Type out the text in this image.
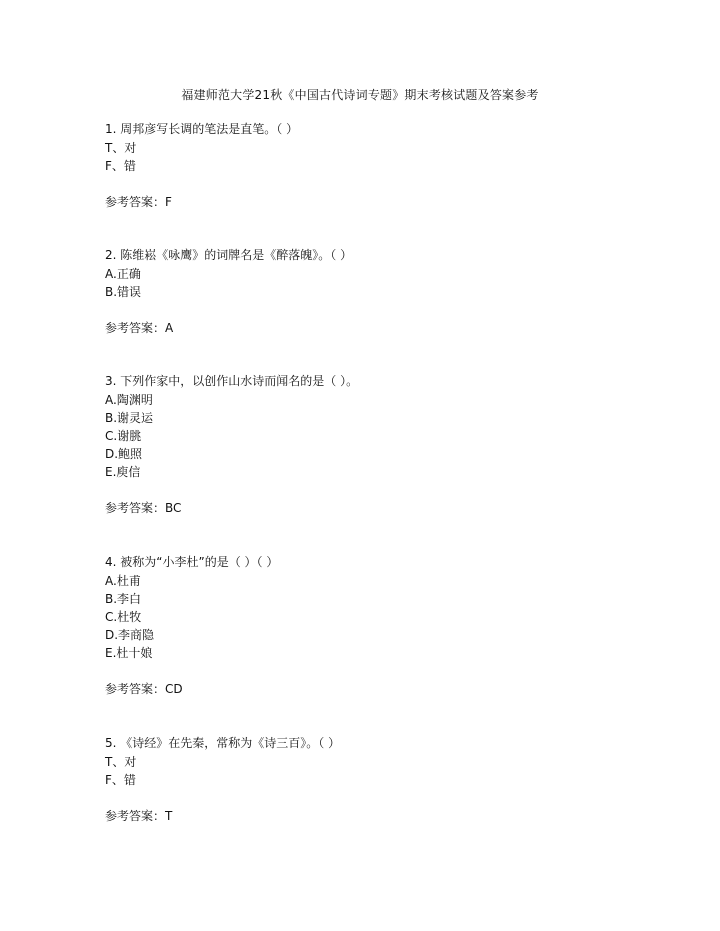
福建师范大学21秋《中国古代诗词专题》期末考核试题及答案参考
1. 周邦彦写长调的笔法是直笔。（ ）
T、对
F、错
参考答案：F
2. 陈维崧《咏鹰》的词牌名是《醉落魄》。（ ）
A.正确
B.错误
参考答案：A
3. 下列作家中，以创作山水诗而闻名的是（ ）。
A.陶渊明
B.谢灵运
C.谢朓
D.鲍照
E.庾信
参考答案：BC
4. 被称为“小李杜”的是（ ）（ ）
A.杜甫
B.李白
C.杜牧
D.李商隐
E.杜十娘
参考答案：CD
5. 《诗经》在先秦，常称为《诗三百》。（ ）
T、对
F、错
参考答案：T
